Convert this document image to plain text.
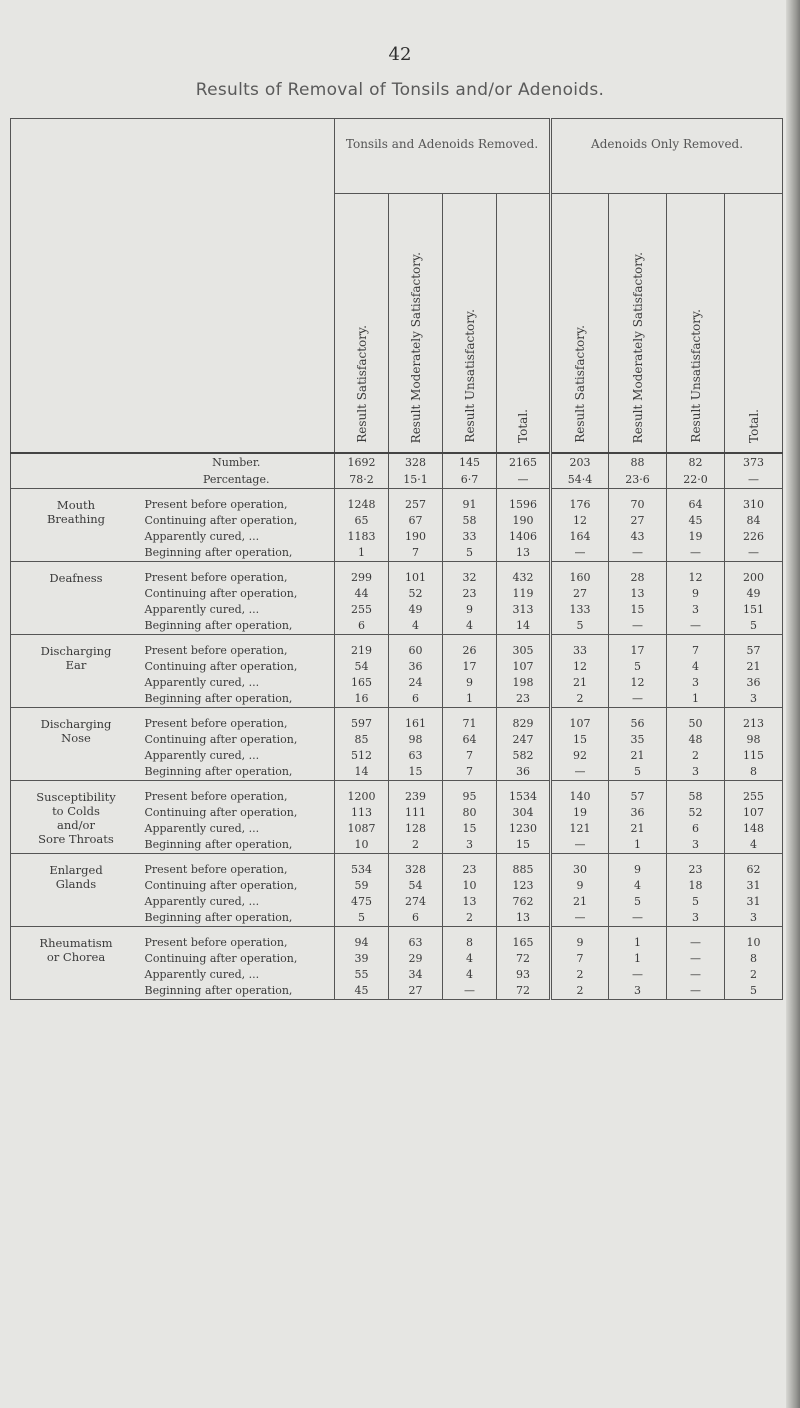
42
Results of Removal of Tonsils and/or Adenoids.
		Tonsils and Adenoids Removed.				Adenoids Only Removed.			
		Result Satisfactory.	Result Moderately Satisfactory.	Result Unsatisfactory.	Total.	Result Satisfactory.	Result Moderately Satisfactory.	Result Unsatisfactory.	Total.
	Number.	1692	328	145	2165	203	88	82	373
	Percentage.	78·2	15·1	6·7	—	54·4	23·6	22·0	—

Mouth
Breathing	Present before operation,	1248	257	91	1596	176	70	64	310
	Continuing after operation,	65	67	58	190	12	27	45	84
	Apparently cured, ...	1183	190	33	1406	164	43	19	226
	Beginning after operation,	1	7	5	13	—	—	—	—

Deafness	Present before operation,	299	101	32	432	160	28	12	200
	Continuing after operation,	44	52	23	119	27	13	9	49
	Apparently cured, ...	255	49	9	313	133	15	3	151
	Beginning after operation,	6	4	4	14	5	—	—	5

Discharging
Ear	Present before operation,	219	60	26	305	33	17	7	57
	Continuing after operation,	54	36	17	107	12	5	4	21
	Apparently cured, ...	165	24	9	198	21	12	3	36
	Beginning after operation,	16	6	1	23	2	—	1	3

Discharging
Nose	Present before operation,	597	161	71	829	107	56	50	213
	Continuing after operation,	85	98	64	247	15	35	48	98
	Apparently cured, ...	512	63	7	582	92	21	2	115
	Beginning after operation,	14	15	7	36	—	5	3	8

Susceptibility
to Colds
and/or
Sore Throats	Present before operation,	1200	239	95	1534	140	57	58	255
	Continuing after operation,	113	111	80	304	19	36	52	107
	Apparently cured, ...	1087	128	15	1230	121	21	6	148
	Beginning after operation,	10	2	3	15	—	1	3	4

Enlarged
Glands	Present before operation,	534	328	23	885	30	9	23	62
	Continuing after operation,	59	54	10	123	9	4	18	31
	Apparently cured, ...	475	274	13	762	21	5	5	31
	Beginning after operation,	5	6	2	13	—	—	3	3

Rheumatism
or Chorea	Present before operation,	94	63	8	165	9	1	—	10
	Continuing after operation,	39	29	4	72	7	1	—	8
	Apparently cured, ...	55	34	4	93	2	—	—	2
	Beginning after operation,	45	27	—	72	2	3	—	5
